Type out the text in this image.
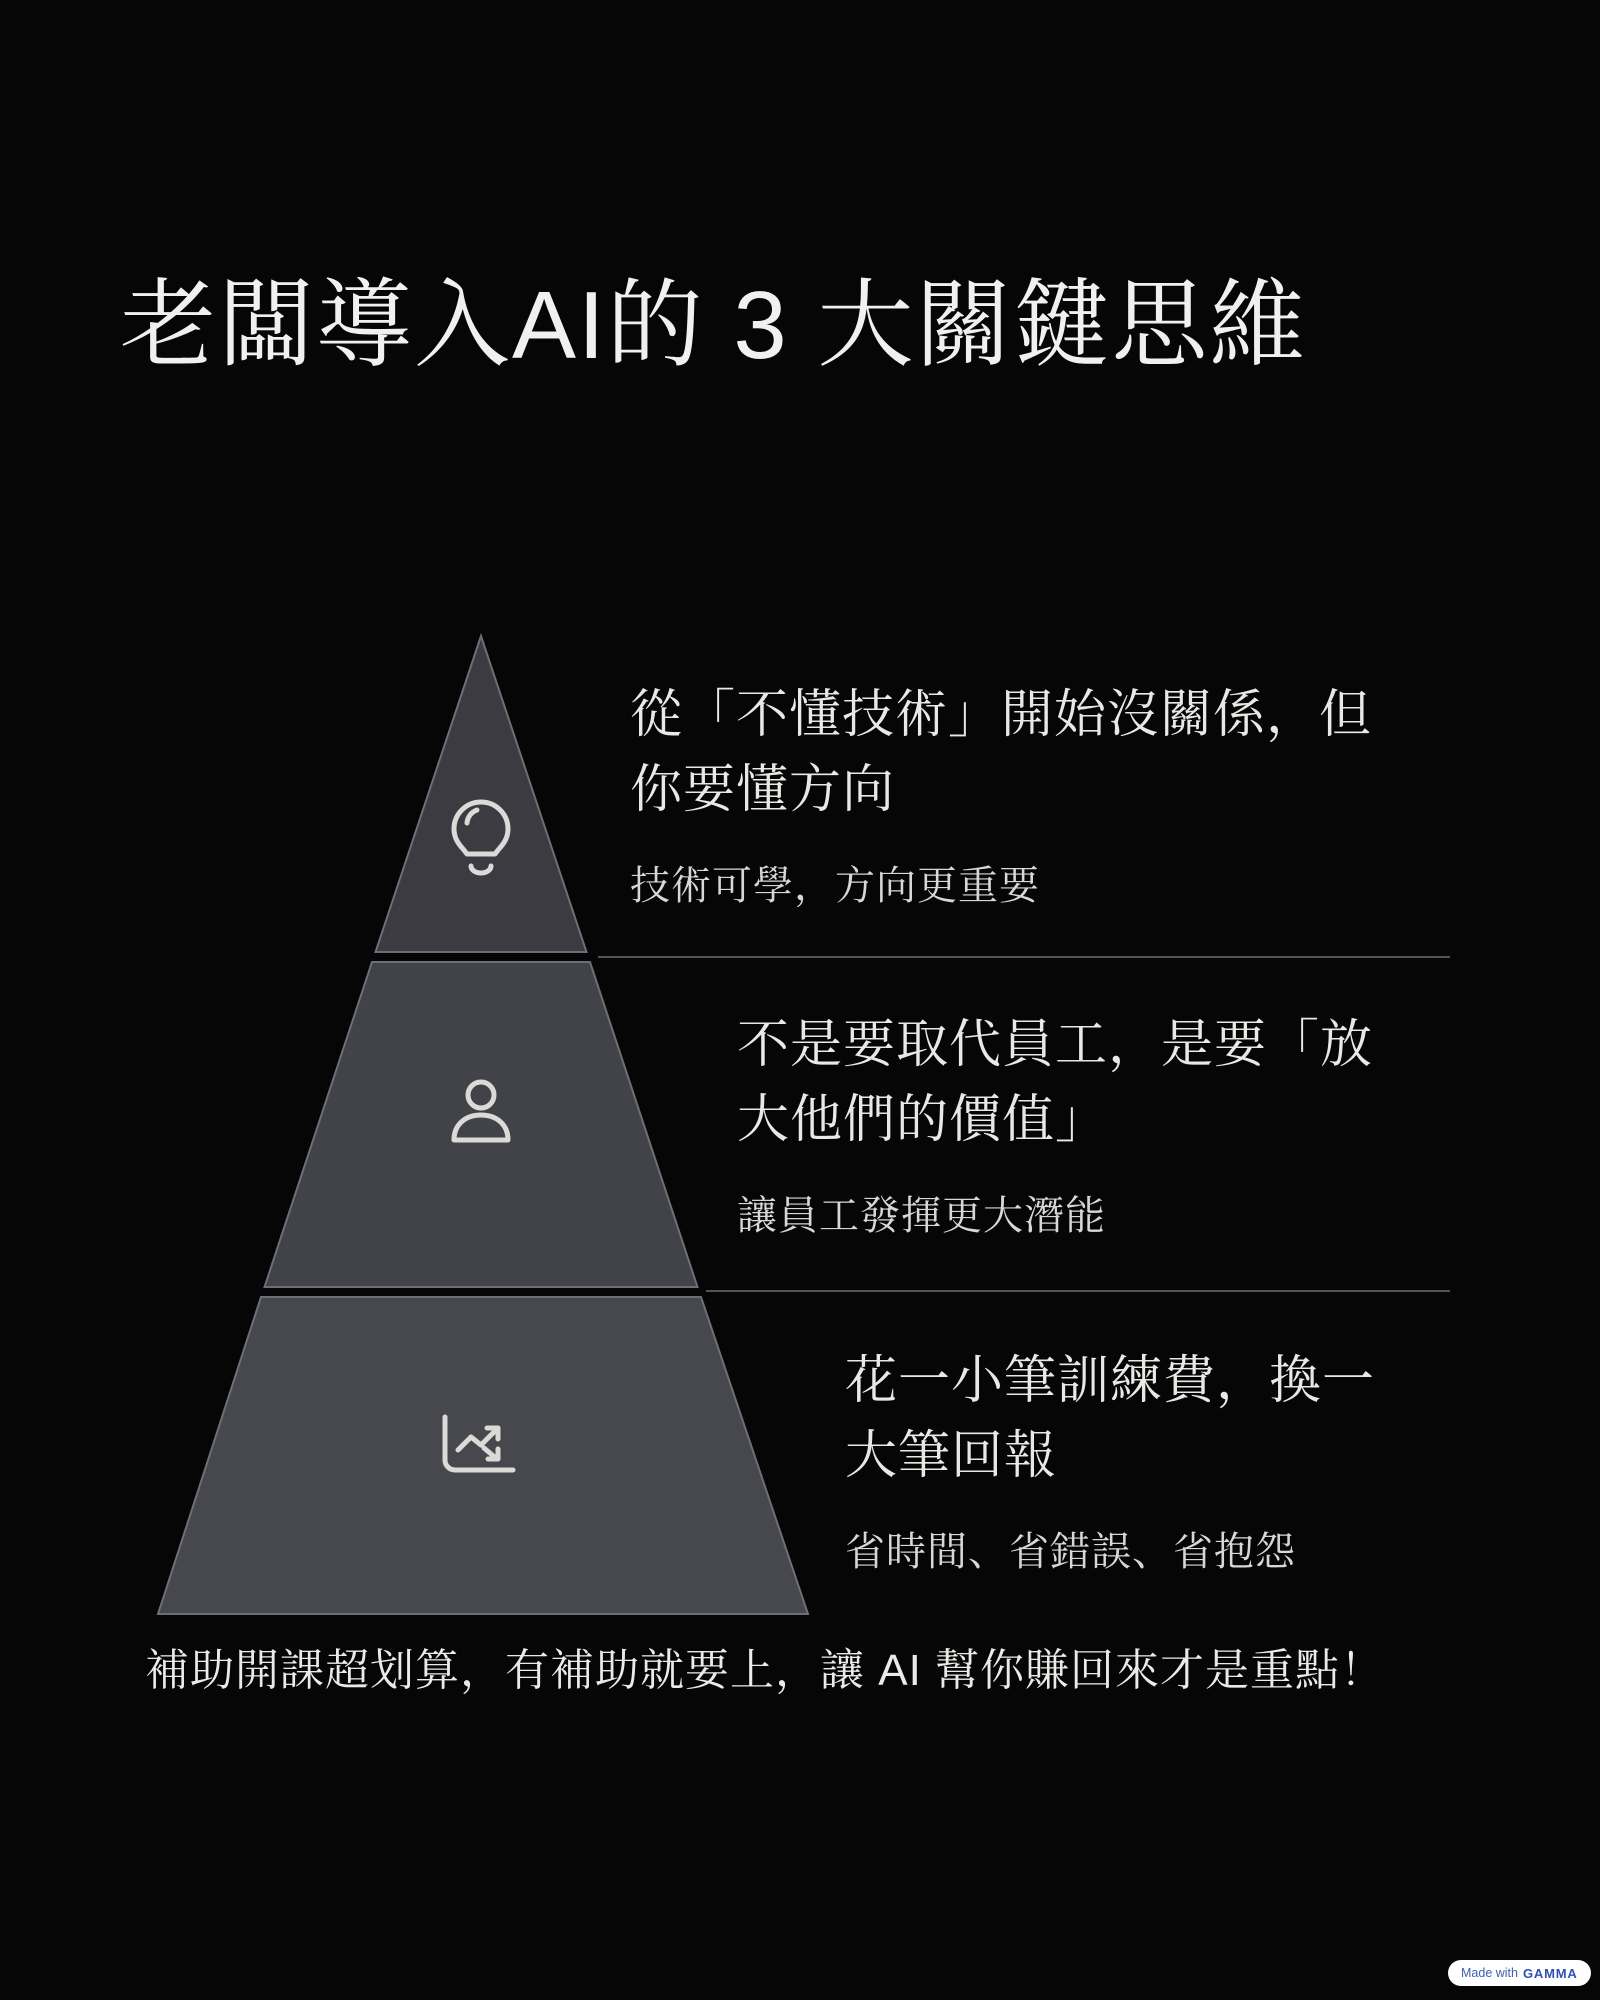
老闆導入AI的 3 大關鍵思維
從「不懂技術」開始沒關係，但
你要懂方向
技術可學，方向更重要
不是要取代員工，是要「放
大他們的價值」
讓員工發揮更大潛能
花一小筆訓練費，換一
大筆回報
省時間、省錯誤、省抱怨
補助開課超划算，有補助就要上，讓 AI 幫你賺回來才是重點！
Made with GAMMA
